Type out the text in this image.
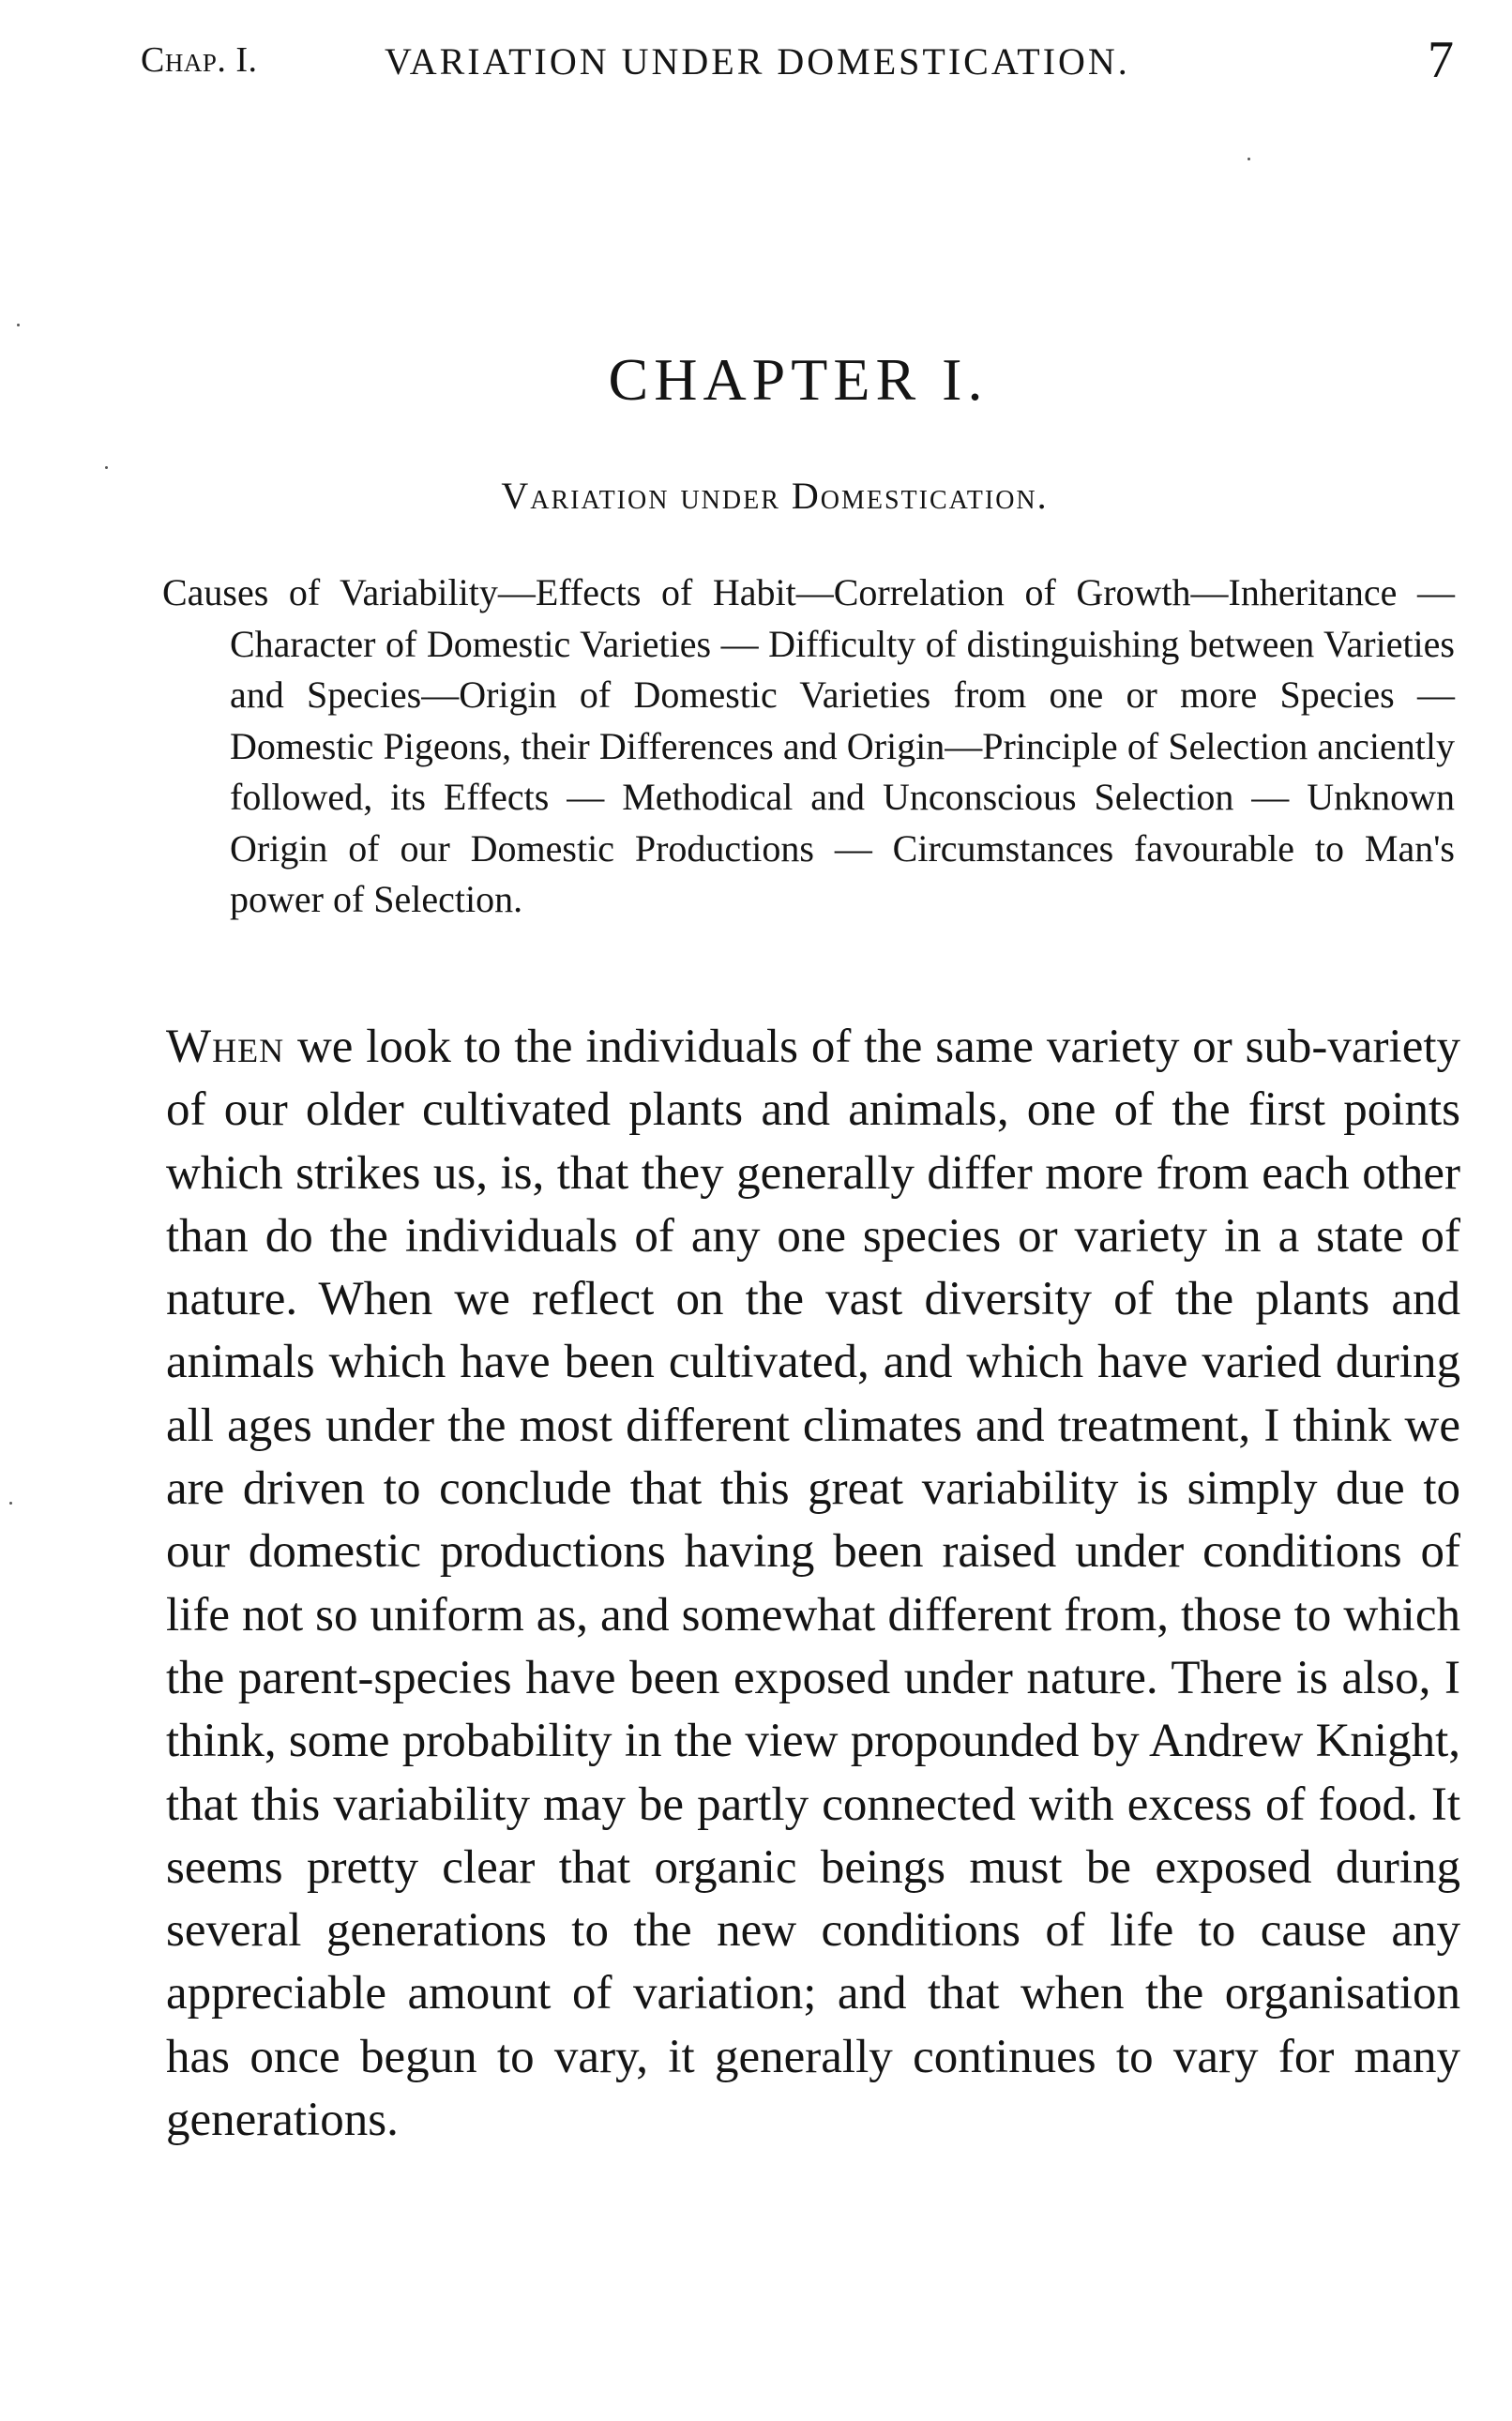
Chap. I.	VARIATION UNDER DOMESTICATION.	7
CHAPTER I.
Variation under Domestication.

Causes of Variability—Effects of Habit—Correlation of Growth—Inheritance — Character of Domestic Varieties — Difficulty of distinguishing between Varieties and Species—Origin of Domestic Varieties from one or more Species — Domestic Pigeons, their Differences and Origin—Principle of Selection anciently followed, its Effects — Methodical and Unconscious Selection — Unknown Origin of our Domestic Productions — Circumstances favourable to Man's power of Selection.

When we look to the individuals of the same variety or sub-variety of our older cultivated plants and animals, one of the first points which strikes us, is, that they generally differ more from each other than do the individuals of any one species or variety in a state of nature. When we reflect on the vast diversity of the plants and animals which have been cultivated, and which have varied during all ages under the most different climates and treatment, I think we are driven to conclude that this great variability is simply due to our domestic productions having been raised under conditions of life not so uniform as, and somewhat different from, those to which the parent-species have been exposed under nature. There is also, I think, some probability in the view propounded by Andrew Knight, that this variability may be partly connected with excess of food. It seems pretty clear that organic beings must be exposed during several generations to the new conditions of life to cause any appreciable amount of variation; and that when the organisation has once begun to vary, it generally continues to vary for many generations.
